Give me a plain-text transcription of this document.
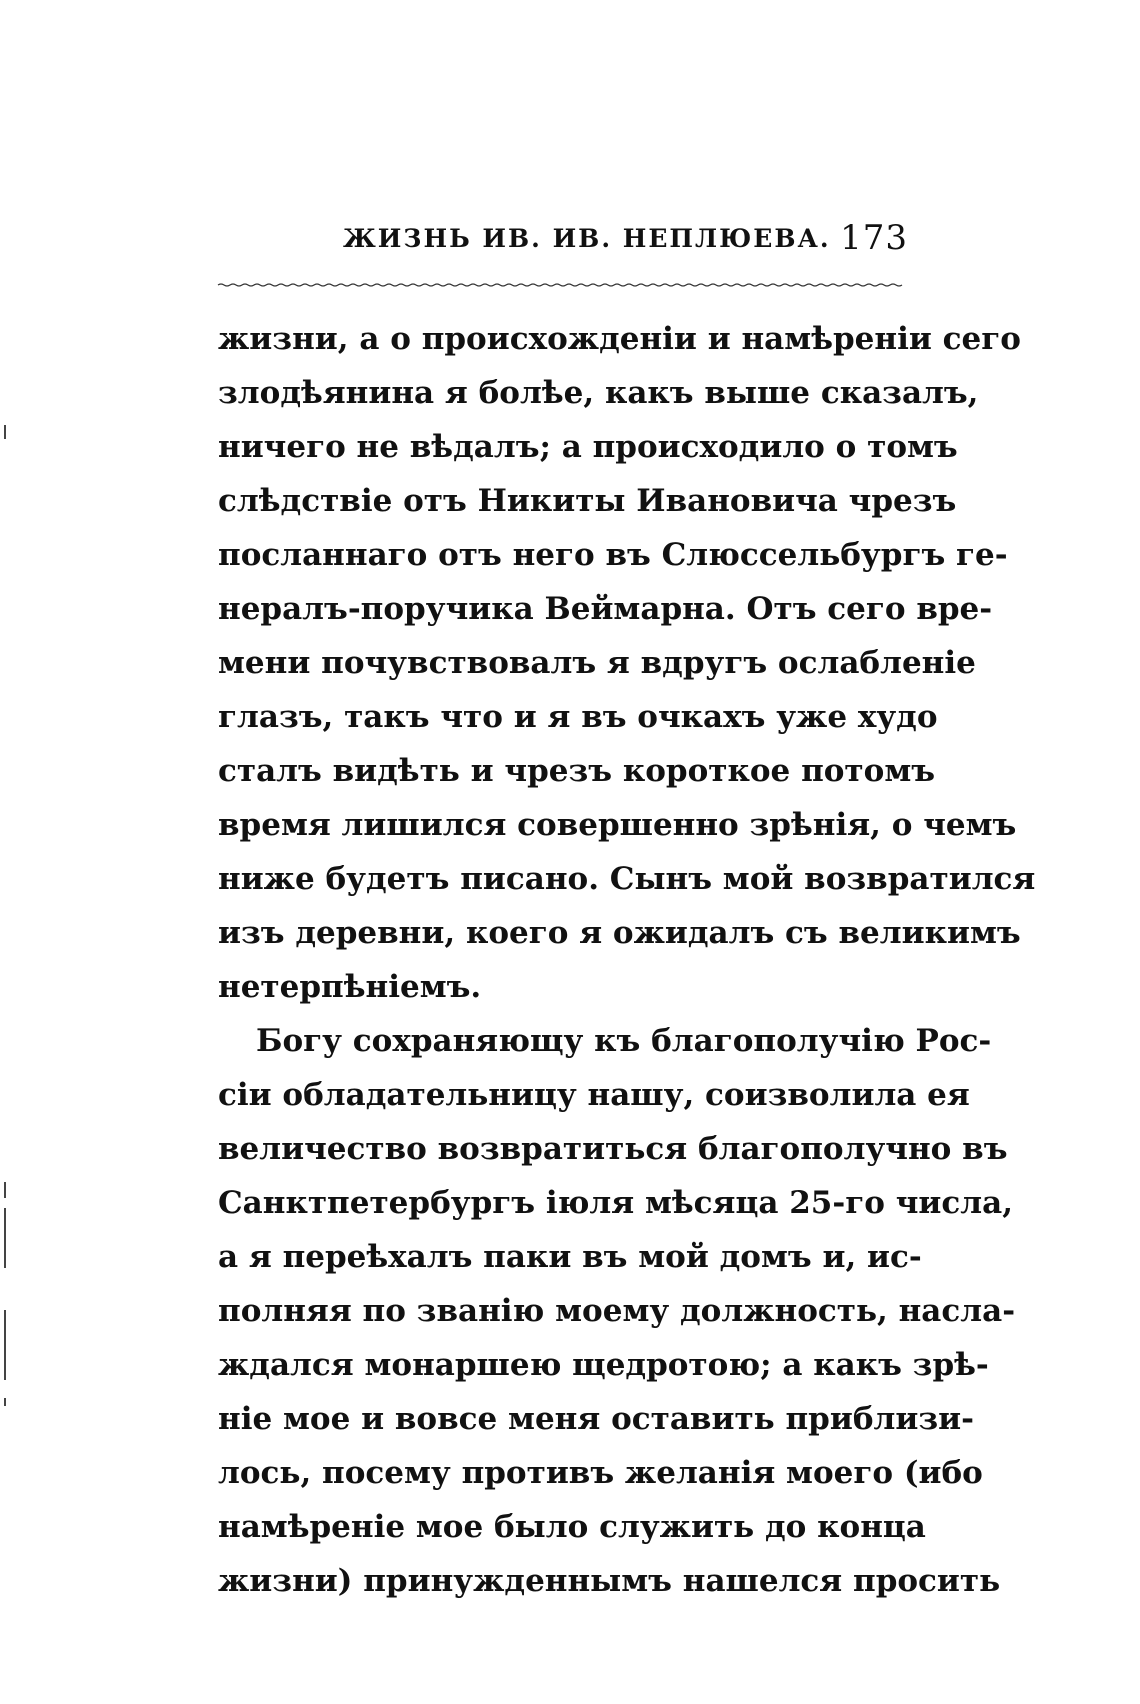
ЖИЗНЬ ИВ. ИВ. НЕПЛЮЕВА. 173
жизни, а о происхожденіи и намѣреніи сего
злодѣянина я болѣе, какъ выше сказалъ,
ничего не вѣдалъ; а происходило о томъ
слѣдствіе отъ Никиты Ивановича чрезъ
посланнаго отъ него въ Слюссельбургъ ге-
нералъ-поручика Веймарна. Отъ сего вре-
мени почувствовалъ я вдругъ ослабленіе
глазъ, такъ что и я въ очкахъ уже худо
сталъ видѣть и чрезъ короткое потомъ
время лишился совершенно зрѣнія, о чемъ
ниже будетъ писано. Сынъ мой возвратился
изъ деревни, коего я ожидалъ съ великимъ
нетерпѣніемъ.
Богу сохраняющу къ благополучію Рос-
сіи обладательницу нашу, соизволила ея
величество возвратиться благополучно въ
Санктпетербургъ іюля мѣсяца 25-го числа,
а я переѣхалъ паки въ мой домъ и, ис-
полняя по званію моему должность, насла-
ждался монаршею щедротою; а какъ зрѣ-
ніе мое и вовсе меня оставить приблизи-
лось, посему противъ желанія моего (ибо
намѣреніе мое было служить до конца
жизни) принужденнымъ нашелся просить
